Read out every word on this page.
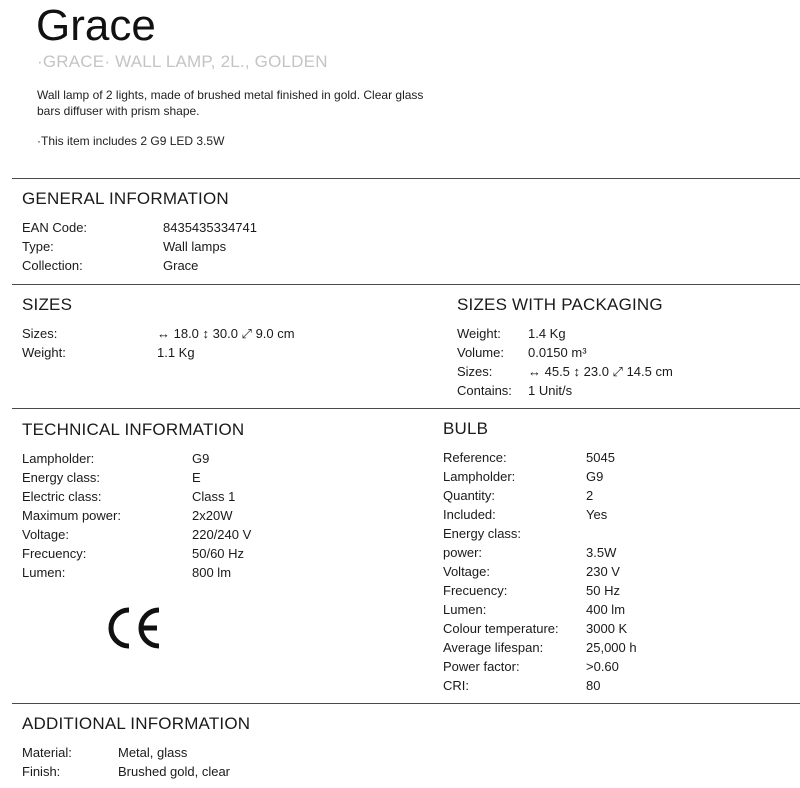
Grace
·GRACE· WALL LAMP, 2L., GOLDEN
Wall lamp of 2 lights, made of brushed metal finished in gold. Clear glass bars diffuser with prism shape.
·This item includes 2 G9 LED 3.5W
GENERAL INFORMATION
EAN Code:	8435435334741
Type:	Wall lamps
Collection:	Grace
SIZES
Sizes:	↔ 18.0 ↕ 30.0 ⤢ 9.0 cm
Weight:	1.1 Kg
SIZES WITH PACKAGING
Weight:	1.4 Kg
Volume:	0.0150 m³
Sizes:	↔ 45.5 ↕ 23.0 ⤢ 14.5 cm
Contains:	1 Unit/s
TECHNICAL INFORMATION
Lampholder:	G9
Energy class:	E
Electric class:	Class 1
Maximum power:	2x20W
Voltage:	220/240 V
Frecuency:	50/60 Hz
Lumen:	800 lm
BULB
Reference:	5045
Lampholder:	G9
Quantity:	2
Included:	Yes
Energy class:
power:	3.5W
Voltage:	230 V
Frecuency:	50 Hz
Lumen:	400 lm
Colour temperature:	3000 K
Average lifespan:	25,000 h
Power factor:	>0.60
CRI:	80
ADDITIONAL INFORMATION
Material:	Metal, glass
Finish:	Brushed gold, clear
